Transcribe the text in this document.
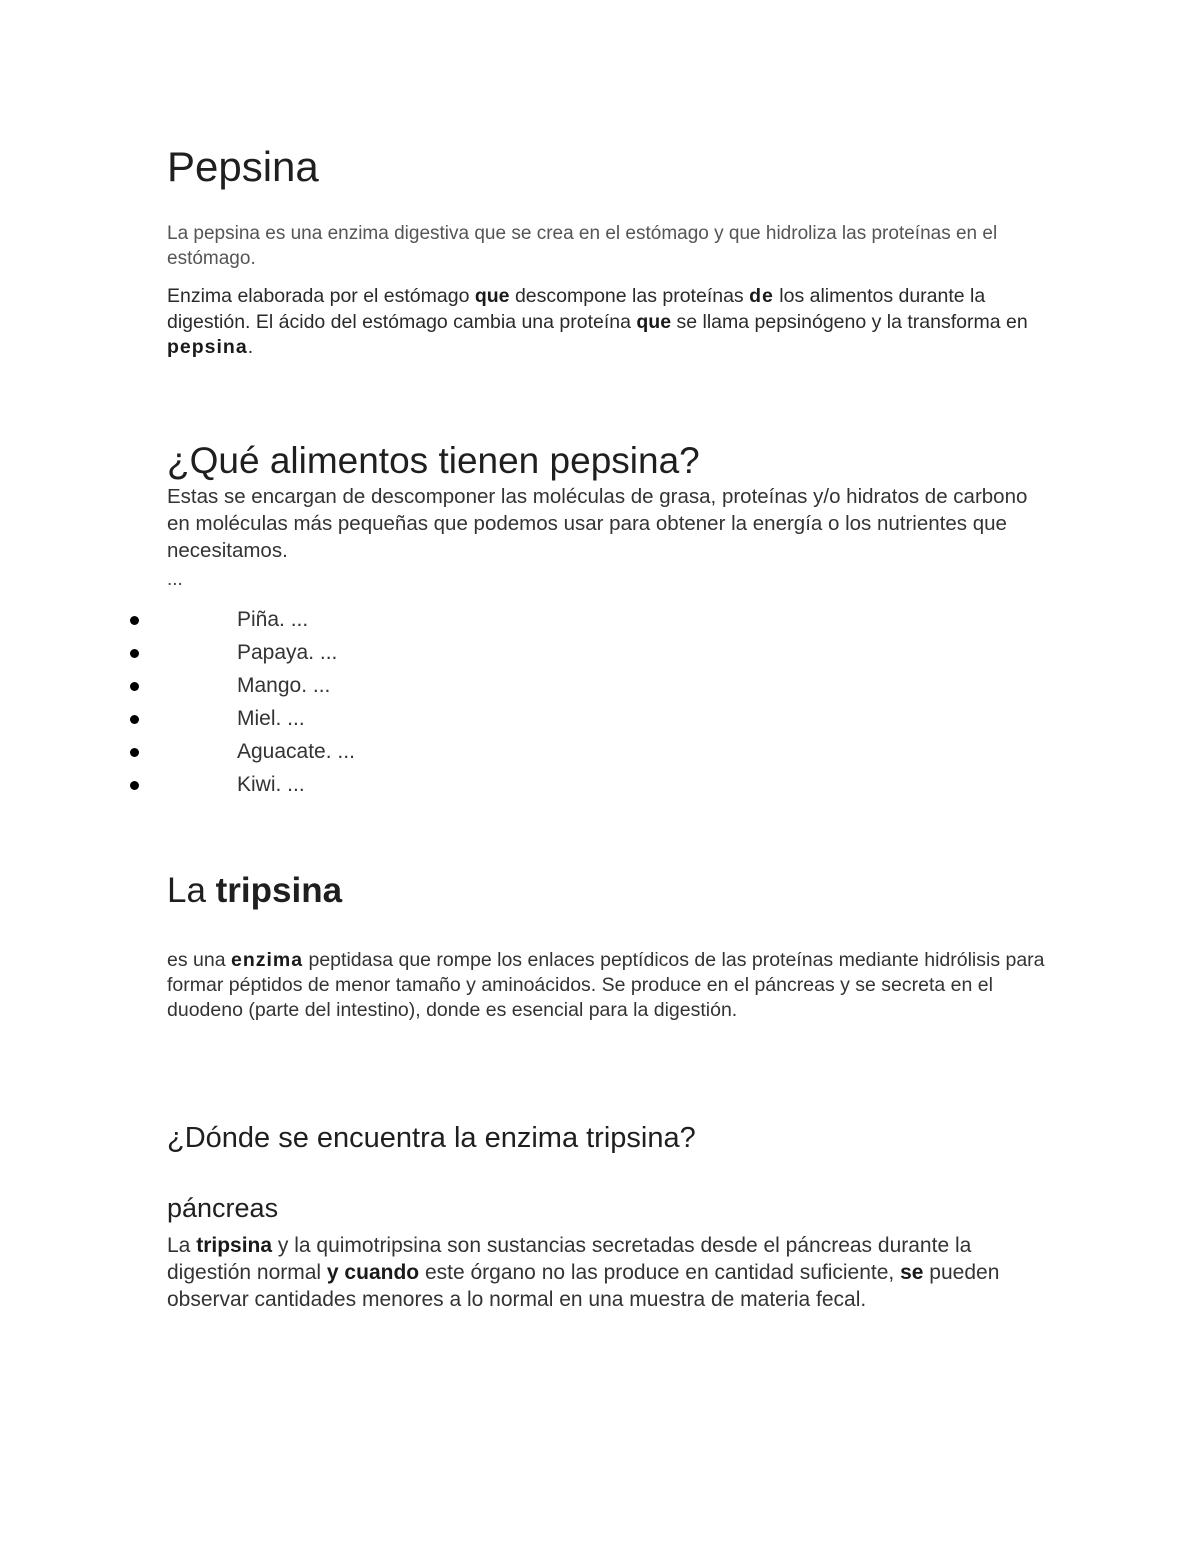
Pepsina

La pepsina es una enzima digestiva que se crea en el estómago y que hidroliza las proteínas en el estómago.

Enzima elaborada por el estómago que descompone las proteínas de los alimentos durante la digestión. El ácido del estómago cambia una proteína que se llama pepsinógeno y la transforma en pepsina.

¿Qué alimentos tienen pepsina?

Estas se encargan de descomponer las moléculas de grasa, proteínas y/o hidratos de carbono en moléculas más pequeñas que podemos usar para obtener la energía o los nutrientes que necesitamos.

...

Piña. ...
Papaya. ...
Mango. ...
Miel. ...
Aguacate. ...
Kiwi. ...
La tripsina

es una enzima peptidasa que rompe los enlaces peptídicos de las proteínas mediante hidrólisis para formar péptidos de menor tamaño y aminoácidos. Se produce en el páncreas y se secreta en el duodeno (parte del intestino), donde es esencial para la digestión.

¿Dónde se encuentra la enzima tripsina?
páncreas

La tripsina y la quimotripsina son sustancias secretadas desde el páncreas durante la digestión normal y cuando este órgano no las produce en cantidad suficiente, se pueden observar cantidades menores a lo normal en una muestra de materia fecal.
